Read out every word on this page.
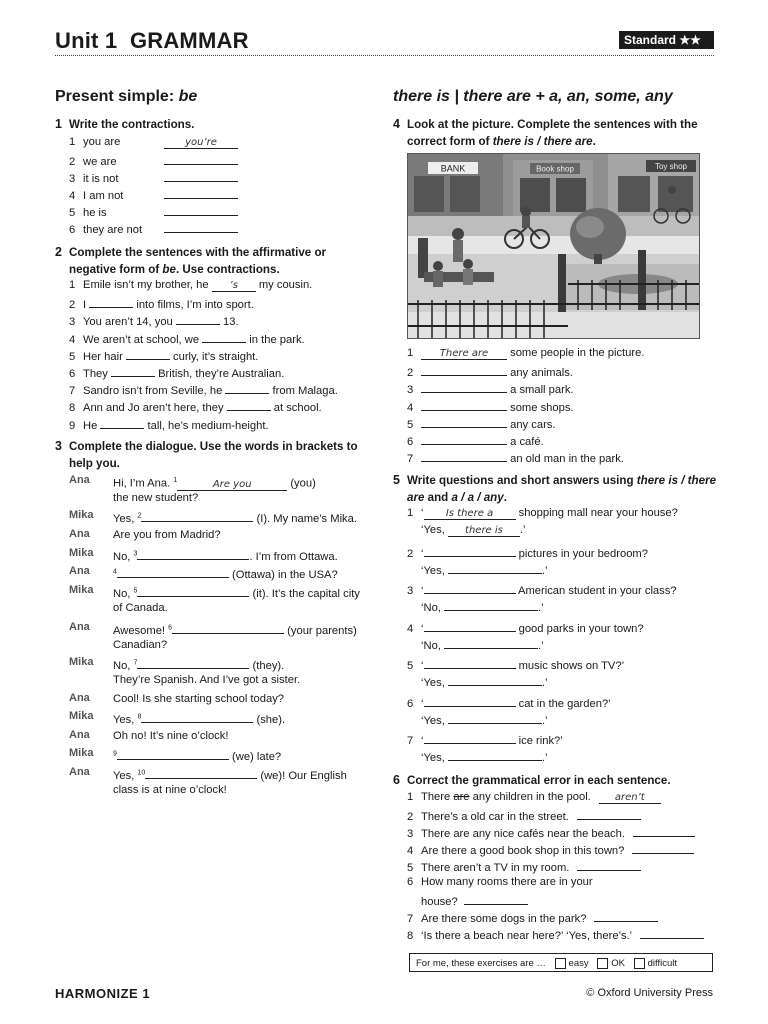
Unit 1 GRAMMAR	Standard ★★
Present simple: be
1 Write the contractions.
1 you are	you’re
2 we are
3 it is not
4 I am not
5 he is
6 they are not
2 Complete the sentences with the affirmative or
negative form of be. Use contractions.
1 Emile isn’t my brother, he ’s my cousin.
2 I	into films, I’m into sport.
3 You aren’t 14, you	13.
4 We aren’t at school, we	in the park.
5 Her hair	curly, it’s straight.
6 They	British, they’re Australian.
7 Sandro isn’t from Seville, he	from Malaga.
8 Ann and Jo aren’t here, they	at school.
9 He	tall, he’s medium-height.
3 Complete the dialogue. Use the words in brackets to
help you.
Ana Hi, I’m Ana. $^1$	Are you	(you)
the new student?
Mika Yes, $^2$	(I). My name’s Mika.
Ana Are you from Madrid?
Mika No, $^3$	. I’m from Ottawa.
Ana	$^4$	(Ottawa) in the USA?
Mika No, $^5$	(it). It’s the capital city
of Canada.
Ana Awesome! $^6$	(your parents)
Canadian?
Mika No, $^7$	(they).
They’re Spanish. And I’ve got a sister.
Ana Cool! Is she starting school today?
Mika Yes, $^8$	(she).
Ana Oh no! It’s nine o’clock!
Mika	$^9$	(we) late?
Ana Yes, $^{10}$	(we)! Our English
class is at nine o’clock!
there is | there are + a, an, some, any
4 Look at the picture. Complete the sentences with the
correct form of there is / there are.
BANK	Book shop	Toy shop
1	There are some people in the picture.
2	any animals.
3	a small park.
4	some shops.
5	any cars.
6	a café.
7	an old man in the park.
5 Write questions and short answers using there is / there
are and a / a / any.
1 ‘ Is there a shopping mall near your house?
‘Yes, there is .’
2 ‘	pictures in your bedroom?
‘Yes,	.’
3 ‘	American student in your class?
‘No,	.’
4 ‘	good parks in your town?
‘No,	.’
5 ‘	music shows on TV?’
‘Yes,	.’
6 ‘	cat in the garden?’
‘Yes,	.’
7 ‘	ice rink?’
‘Yes,	.’
6 Correct the grammatical error in each sentence.
1 There are any children in the pool. aren’t
2 There’s a old car in the street.
3 There are any nice cafés near the beach.
4 Are there a good book shop in this town?
5 There aren’t a TV in my room.
6 How many rooms there are in your
house?
7 Are there some dogs in the park?
8 ‘Is there a beach near here?’ ‘Yes, there’s.’
For me, these exercises are … easy OK difficult
HARMONIZE 1	© Oxford University Press
